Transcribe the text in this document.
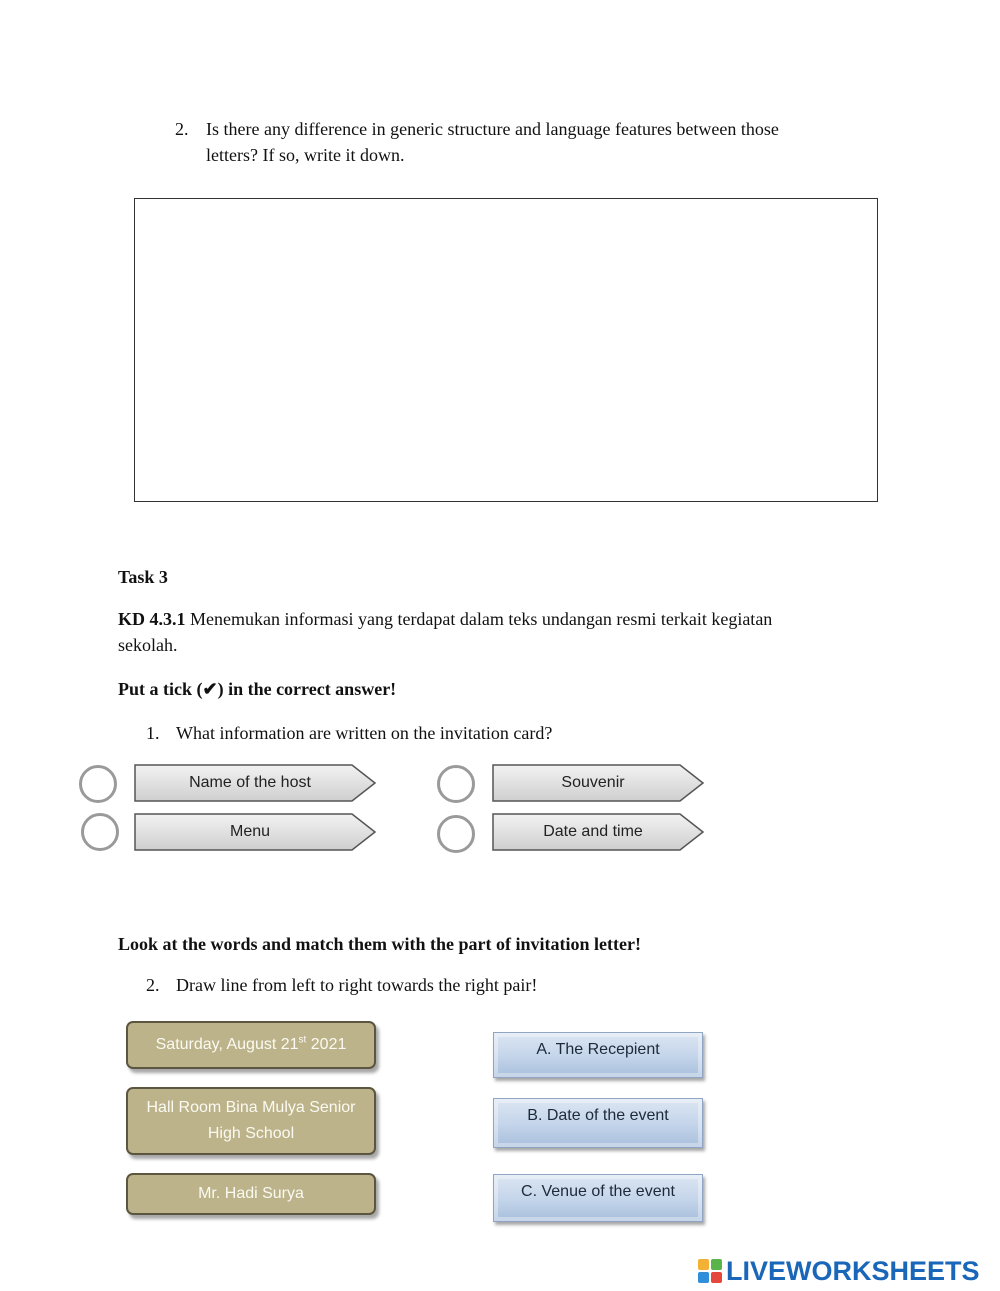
2. Is there any difference in generic structure and language features between those
letters? If so, write it down.
Task 3
KD 4.3.1 Menemukan informasi yang terdapat dalam teks undangan resmi terkait kegiatan
sekolah.
Put a tick (✔) in the correct answer!
1. What information are written on the invitation card?
Name of the host	Souvenir
Menu	Date and time
Look at the words and match them with the part of invitation letter!
2. Draw line from left to right towards the right pair!
Saturday, August 21st 2021
Hall Room Bina Mulya Senior
High School
Mr. Hadi Surya
A. The Recepient
B. Date of the event
C. Venue of the event
LIVEWORKSHEETS
